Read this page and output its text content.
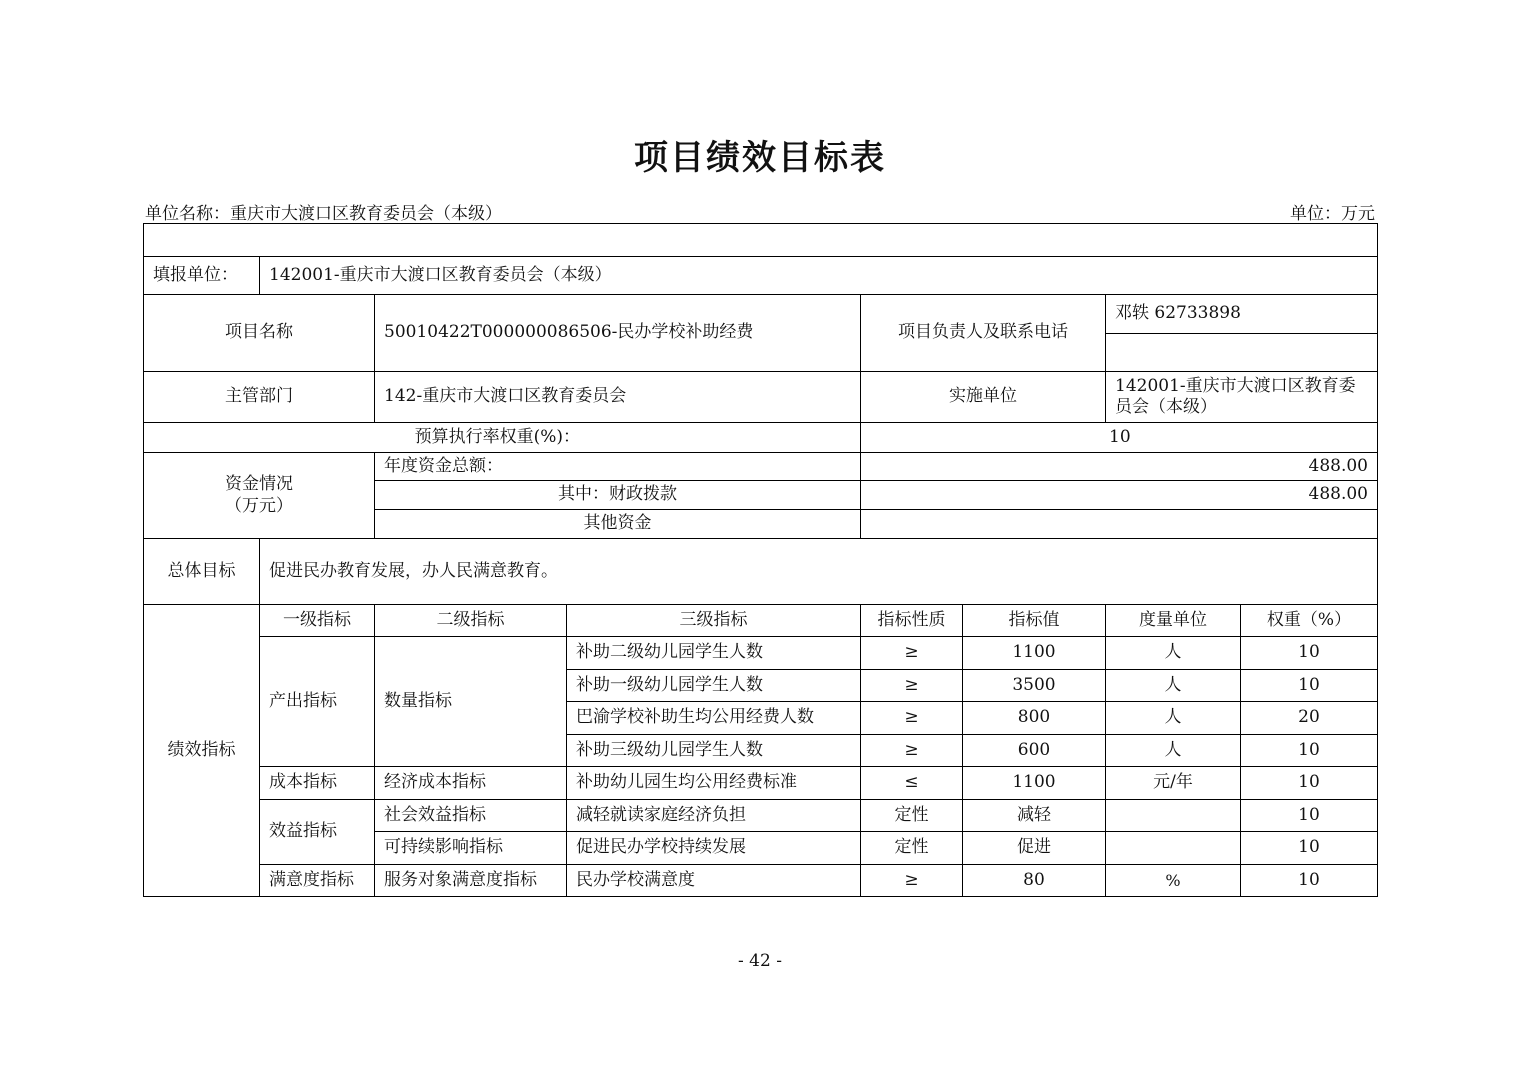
项目绩效目标表
单位名称：重庆市大渡口区教育委员会（本级）	单位：万元

填报单位：	142001-重庆市大渡口区教育委员会（本级）						
项目名称		50010422T000000086506-民办学校补助经费		项目负责人及联系电话		邓轶 62733898	

主管部门		142-重庆市大渡口区教育委员会		实施单位		142001-重庆市大渡口区教育委员会（本级）	
预算执行率权重(%)：				10			

资金情况
（万元）		年度资金总额：		488.00			
		其中：财政拨款		488.00			
		其他资金					
总体目标	促进民办教育发展，办人民满意教育。						
绩效指标	一级指标	二级指标	三级指标	指标性质	指标值	度量单位	权重（%）
	产出指标	数量指标	补助二级幼儿园学生人数	≥	1100	人	10
			补助一级幼儿园学生人数	≥	3500	人	10
			巴渝学校补助生均公用经费人数	≥	800	人	20
			补助三级幼儿园学生人数	≥	600	人	10
	成本指标	经济成本指标	补助幼儿园生均公用经费标准	≤	1100	元/年	10
	效益指标	社会效益指标	减轻就读家庭经济负担	定性	减轻		10
		可持续影响指标	促进民办学校持续发展	定性	促进		10
	满意度指标	服务对象满意度指标	民办学校满意度	≥	80	%	10
- 42 -
